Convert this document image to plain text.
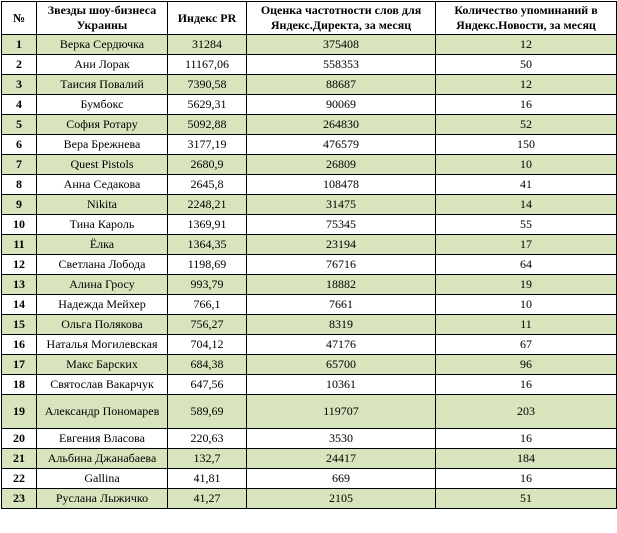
№	Звезды шоу-бизнеса Украины	Индекс PR	Оценка частотности слов для Яндекс.Директа, за месяц	Количество упоминаний в Яндекс.Новости, за месяц
1	Верка Сердючка	31284	375408	12
2	Ани Лорак	11167,06	558353	50
3	Таисия Повалий	7390,58	88687	12
4	Бумбокс	5629,31	90069	16
5	София Ротару	5092,88	264830	52
6	Вера Брежнева	3177,19	476579	150
7	Quest Pistols	2680,9	26809	10
8	Анна Седакова	2645,8	108478	41
9	Nikita	2248,21	31475	14
10	Тина Кароль	1369,91	75345	55
11	Ёлка	1364,35	23194	17
12	Светлана Лобода	1198,69	76716	64
13	Алина Гросу	993,79	18882	19
14	Надежда Мейхер	766,1	7661	10
15	Ольга Полякова	756,27	8319	11
16	Наталья Могилевская	704,12	47176	67
17	Макс Барских	684,38	65700	96
18	Святослав Вакарчук	647,56	10361	16
19	Александр Пономарев	589,69	119707	203
20	Евгения Власова	220,63	3530	16
21	Альбина Джанабаева	132,7	24417	184
22	Gallina	41,81	669	16
23	Руслана Лыжичко	41,27	2105	51
